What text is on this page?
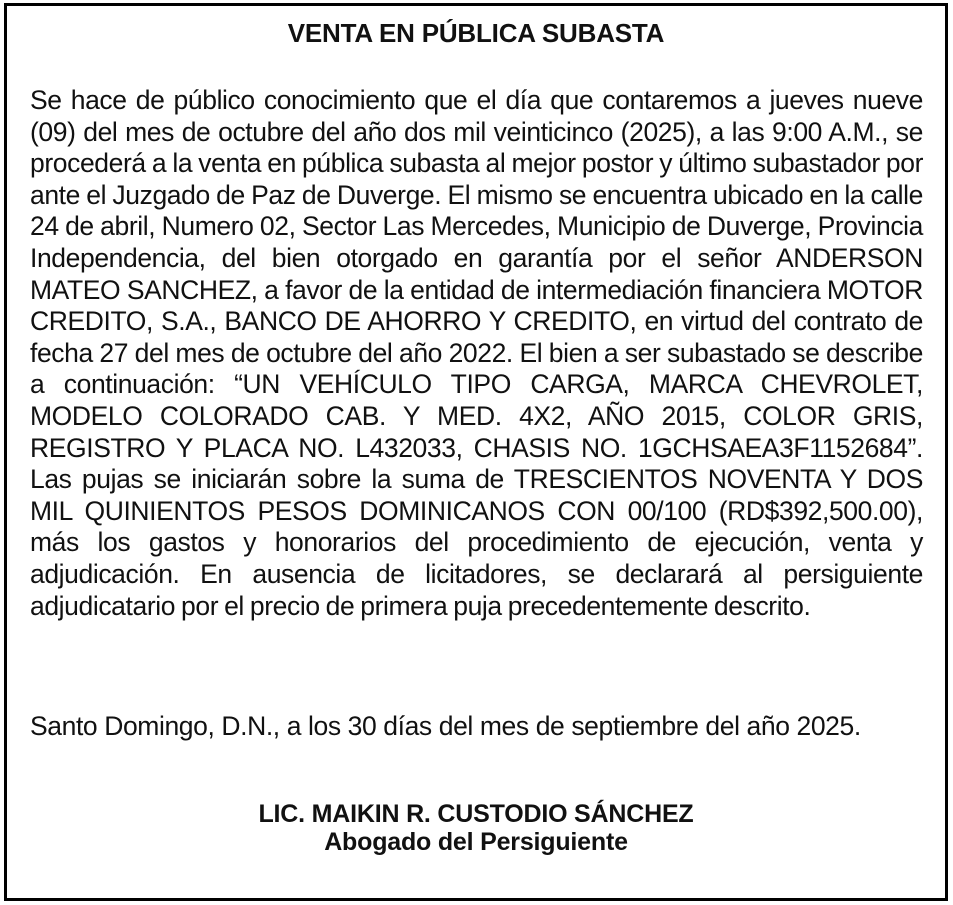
VENTA EN PÚBLICA SUBASTA

Se hace de público conocimiento que el día que contaremos a jueves nueve (09) del mes de octubre del año dos mil veinticinco (2025), a las 9:00 A.M., se procederá a la venta en pública subasta al mejor postor y último subastador por ante el Juzgado de Paz de Duverge. El mismo se encuentra ubicado en la calle 24 de abril, Numero 02, Sector Las Mercedes, Municipio de Duverge, Provincia Independencia, del bien otorgado en garantía por el señor ANDERSON MATEO SANCHEZ, a favor de la entidad de intermediación financiera MOTOR CREDITO, S.A., BANCO DE AHORRO Y CREDITO, en virtud del contrato de fecha 27 del mes de octubre del año 2022. El bien a ser subastado se describe a continuación: “UN VEHÍCULO TIPO CARGA, MARCA CHEVROLET, MODELO COLORADO CAB. Y MED. 4X2, AÑO 2015, COLOR GRIS, REGISTRO Y PLACA NO. L432033, CHASIS NO. 1GCHSAEA3F1152684”. Las pujas se iniciarán sobre la suma de TRESCIENTOS NOVENTA Y DOS MIL QUINIENTOS PESOS DOMINICANOS CON 00/100 (RD$392,500.00), más los gastos y honorarios del procedimiento de ejecución, venta y adjudicación. En ausencia de licitadores, se declarará al persiguiente adjudicatario por el precio de primera puja precedentemente descrito.

Santo Domingo, D.N., a los 30 días del mes de septiembre del año 2025.

LIC. MAIKIN R. CUSTODIO SÁNCHEZ
Abogado del Persiguiente
